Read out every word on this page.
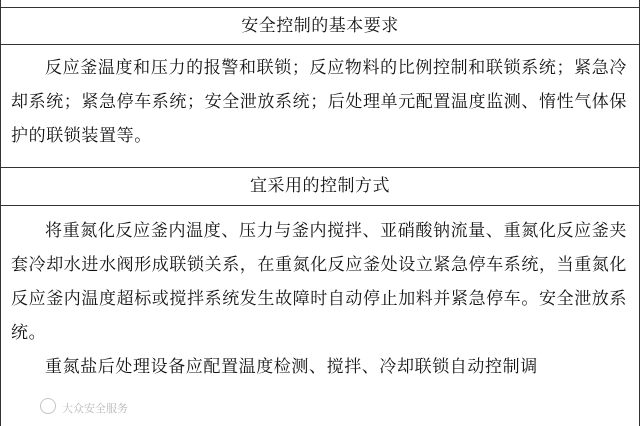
安全控制的基本要求

反应釜温度和压力的报警和联锁；反应物料的比例控制和联锁系统；紧急冷却系统；紧急停车系统；安全泄放系统；后处理单元配置温度监测、惰性气体保护的联锁装置等。

宜采用的控制方式

将重氮化反应釜内温度、压力与釜内搅拌、亚硝酸钠流量、重氮化反应釜夹套冷却水进水阀形成联锁关系，在重氮化反应釜处设立紧急停车系统，当重氮化反应釜内温度超标或搅拌系统发生故障时自动停止加料并紧急停车。安全泄放系统。

重氮盐后处理设备应配置温度检测、搅拌、冷却联锁自动控制调

大众安全服务
